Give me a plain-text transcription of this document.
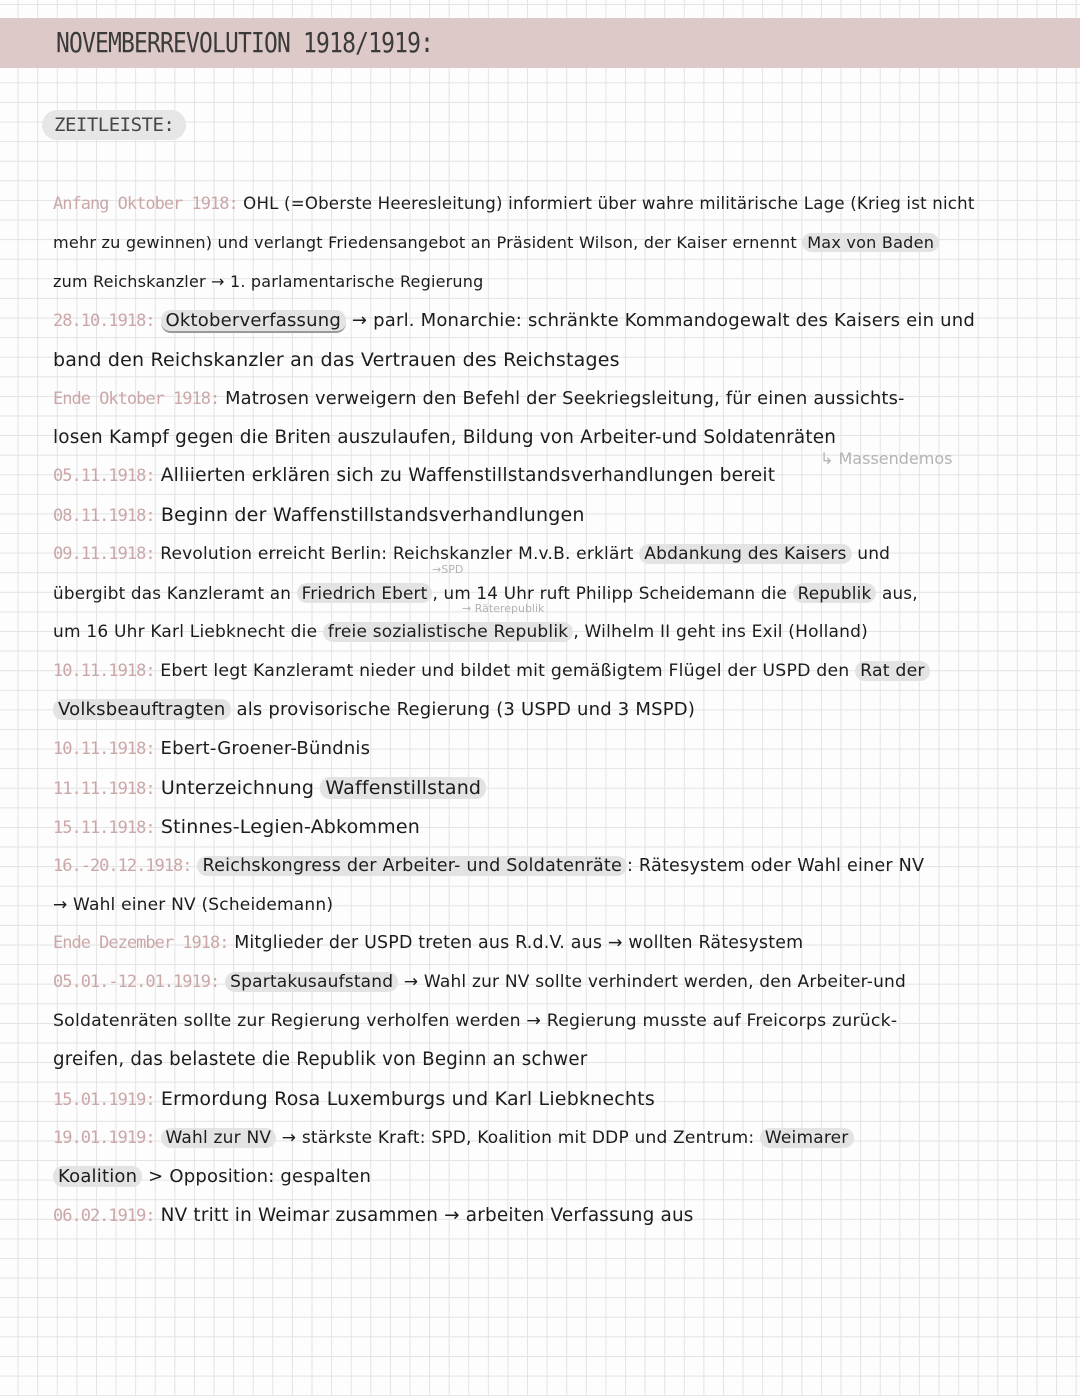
NOVEMBERREVOLUTION 1918/1919:
ZEITLEISTE:
Anfang Oktober 1918: OHL (=Oberste Heeresleitung) informiert über wahre militärische Lage (Krieg ist nicht
mehr zu gewinnen) und verlangt Friedensangebot an Präsident Wilson, der Kaiser ernennt Max von Baden
zum Reichskanzler → 1. parlamentarische Regierung
28.10.1918: Oktoberverfassung → parl. Monarchie: schränkte Kommandogewalt des Kaisers ein und
band den Reichskanzler an das Vertrauen des Reichstages
Ende Oktober 1918: Matrosen verweigern den Befehl der Seekriegsleitung, für einen aussichts-
losen Kampf gegen die Briten auszulaufen, Bildung von Arbeiter-und Soldatenräten
↳ Massendemos
05.11.1918: Alliierten erklären sich zu Waffenstillstandsverhandlungen bereit
08.11.1918: Beginn der Waffenstillstandsverhandlungen
09.11.1918: Revolution erreicht Berlin: Reichskanzler M.v.B. erklärt Abdankung des Kaisers und
→SPD
übergibt das Kanzleramt an Friedrich Ebert , um 14 Uhr ruft Philipp Scheidemann die Republik aus,
→ Räterepublik
um 16 Uhr Karl Liebknecht die freie sozialistische Republik , Wilhelm II geht ins Exil (Holland)
10.11.1918: Ebert legt Kanzleramt nieder und bildet mit gemäßigtem Flügel der USPD den Rat der
Volksbeauftragten als provisorische Regierung (3 USPD und 3 MSPD)
10.11.1918: Ebert-Groener-Bündnis
11.11.1918: Unterzeichnung Waffenstillstand
15.11.1918: Stinnes-Legien-Abkommen
16.-20.12.1918: Reichskongress der Arbeiter- und Soldatenräte : Rätesystem oder Wahl einer NV
→ Wahl einer NV (Scheidemann)
Ende Dezember 1918: Mitglieder der USPD treten aus R.d.V. aus → wollten Rätesystem
05.01.-12.01.1919: Spartakusaufstand → Wahl zur NV sollte verhindert werden, den Arbeiter-und
Soldatenräten sollte zur Regierung verholfen werden → Regierung musste auf Freicorps zurück-
greifen, das belastete die Republik von Beginn an schwer
15.01.1919: Ermordung Rosa Luxemburgs und Karl Liebknechts
19.01.1919: Wahl zur NV → stärkste Kraft: SPD, Koalition mit DDP und Zentrum: Weimarer
Koalition > Opposition: gespalten
06.02.1919: NV tritt in Weimar zusammen → arbeiten Verfassung aus
